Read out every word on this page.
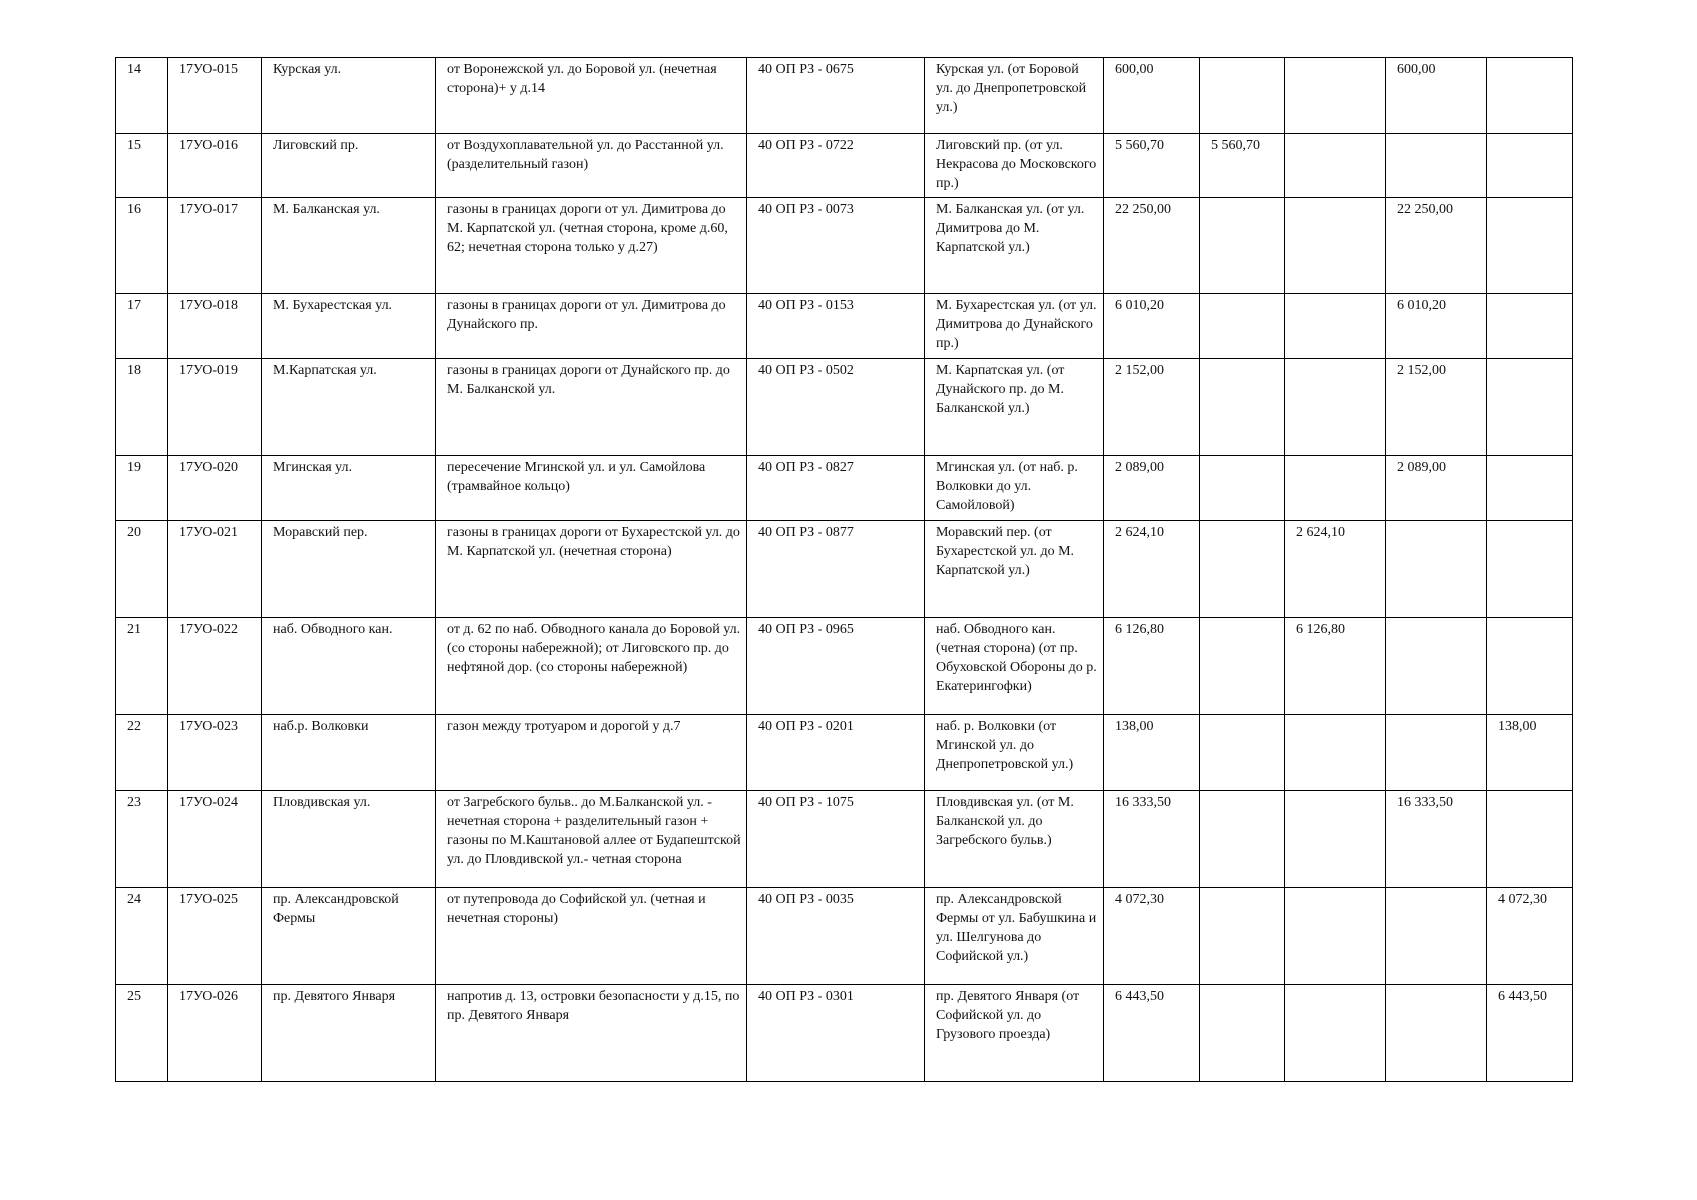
14	17УО-015	Курская ул.	от Воронежской ул. до Боровой ул. (нечетная сторона)+ у д.14	40 ОП РЗ - 0675	Курская ул. (от Боровой ул. до Днепропетровской ул.)	600,00			600,00	
15	17УО-016	Лиговский пр.	от Воздухоплавательной ул. до Расстанной ул. (разделительный газон)	40 ОП РЗ - 0722	Лиговский пр. (от ул. Некрасова до Московского пр.)	5 560,70	5 560,70			
16	17УО-017	М. Балканская ул.	газоны в границах дороги от ул. Димитрова до М. Карпатской ул. (четная сторона, кроме д.60, 62; нечетная сторона только у д.27)	40 ОП РЗ - 0073	М. Балканская ул. (от ул. Димитрова до М. Карпатской ул.)	22 250,00			22 250,00	
17	17УО-018	М. Бухарестская ул.	газоны в границах дороги от ул. Димитрова до Дунайского пр.	40 ОП РЗ - 0153	М. Бухарестская ул. (от ул. Димитрова до Дунайского пр.)	6 010,20			6 010,20	
18	17УО-019	М.Карпатская ул.	газоны в границах дороги от Дунайского пр. до М. Балканской ул.	40 ОП РЗ - 0502	М. Карпатская ул. (от Дунайского пр. до М. Балканской ул.)	2 152,00			2 152,00	
19	17УО-020	Мгинская ул.	пересечение Мгинской ул. и ул. Самойлова (трамвайное кольцо)	40 ОП РЗ - 0827	Мгинская ул. (от наб. р. Волковки до ул. Самойловой)	2 089,00			2 089,00	
20	17УО-021	Моравский пер.	газоны в границах дороги от Бухарестской ул. до М. Карпатской ул. (нечетная сторона)	40 ОП РЗ - 0877	Моравский пер. (от Бухарестской ул. до М. Карпатской ул.)	2 624,10		2 624,10		
21	17УО-022	наб. Обводного кан.	от д. 62 по наб. Обводного канала до Боровой ул. (со стороны набережной); от Лиговского пр. до нефтяной дор. (со стороны набережной)	40 ОП РЗ - 0965	наб. Обводного кан. (четная сторона) (от пр. Обуховской Обороны до р. Екатерингофки)	6 126,80		6 126,80		
22	17УО-023	наб.р. Волковки	газон между тротуаром и дорогой у д.7	40 ОП РЗ - 0201	наб. р. Волковки (от Мгинской ул. до Днепропетровской ул.)	138,00				138,00
23	17УО-024	Пловдивская ул.	от Загребского бульв.. до М.Балканской ул. - нечетная сторона + разделительный газон + газоны по М.Каштановой аллее от Будапештской ул. до Пловдивской ул.- четная сторона	40 ОП РЗ - 1075	Пловдивская ул. (от М. Балканской ул. до Загребского бульв.)	16 333,50			16 333,50	
24	17УО-025	пр. Александровской Фермы	от путепровода до Софийской ул. (четная и нечетная стороны)	40 ОП РЗ - 0035	пр. Александровской Фермы от ул. Бабушкина и ул. Шелгунова до Софийской ул.)	4 072,30				4 072,30
25	17УО-026	пр. Девятого Января	напротив д. 13, островки безопасности у д.15, по пр. Девятого Января	40 ОП РЗ - 0301	пр. Девятого Января (от Софийской ул. до Грузового проезда)	6 443,50				6 443,50
